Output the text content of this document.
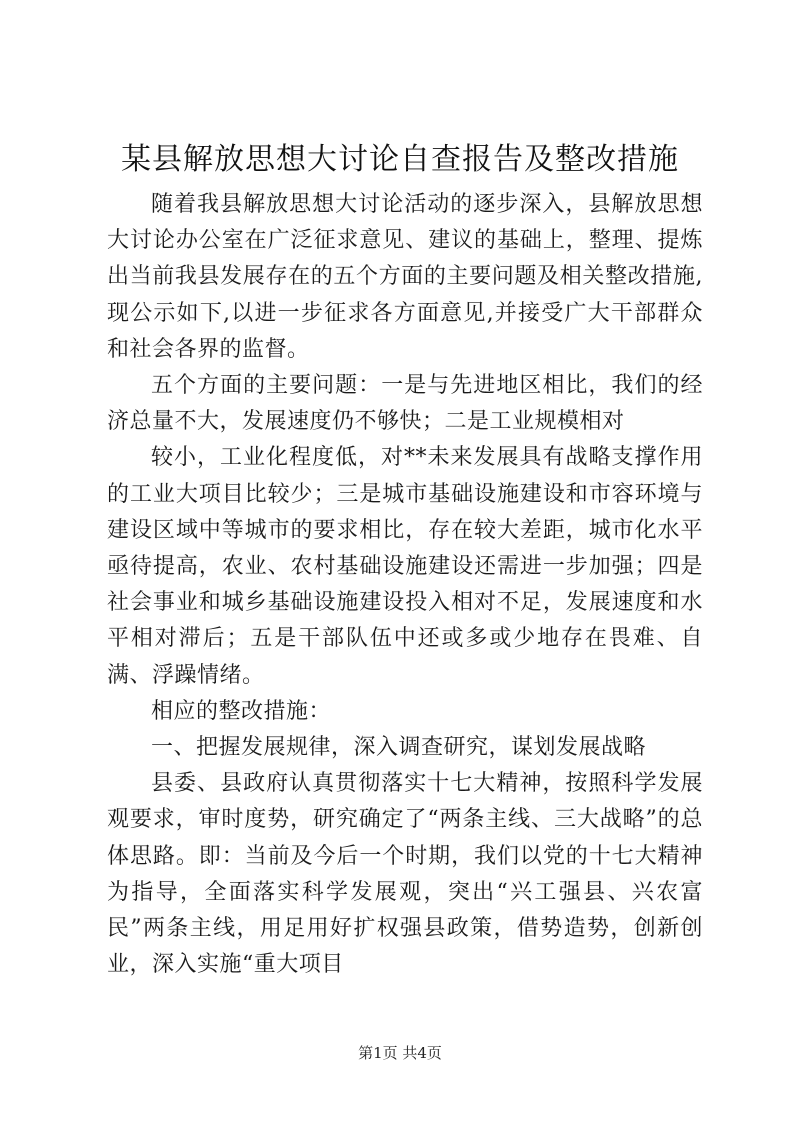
某县解放思想大讨论自查报告及整改措施

随着我县解放思想大讨论活动的逐步深入，县解放思想大讨论办公室在广泛征求意见、建议的基础上，整理、提炼出当前我县发展存在的五个方面的主要问题及相关整改措施,现公示如下,以进一步征求各方面意见,并接受广大干部群众和社会各界的监督。

五个方面的主要问题：一是与先进地区相比，我们的经济总量不大，发展速度仍不够快；二是工业规模相对

较小，工业化程度低，对**未来发展具有战略支撑作用的工业大项目比较少；三是城市基础设施建设和市容环境与建设区域中等城市的要求相比，存在较大差距，城市化水平亟待提高，农业、农村基础设施建设还需进一步加强；四是社会事业和城乡基础设施建设投入相对不足，发展速度和水平相对滞后；五是干部队伍中还或多或少地存在畏难、自满、浮躁情绪。

相应的整改措施：

一、把握发展规律，深入调查研究，谋划发展战略

县委、县政府认真贯彻落实十七大精神，按照科学发展观要求，审时度势，研究确定了“两条主线、三大战略”的总体思路。即：当前及今后一个时期，我们以党的十七大精神为指导，全面落实科学发展观，突出“兴工强县、兴农富民”两条主线，用足用好扩权强县政策，借势造势，创新创业，深入实施“重大项目

第1页 共4页
